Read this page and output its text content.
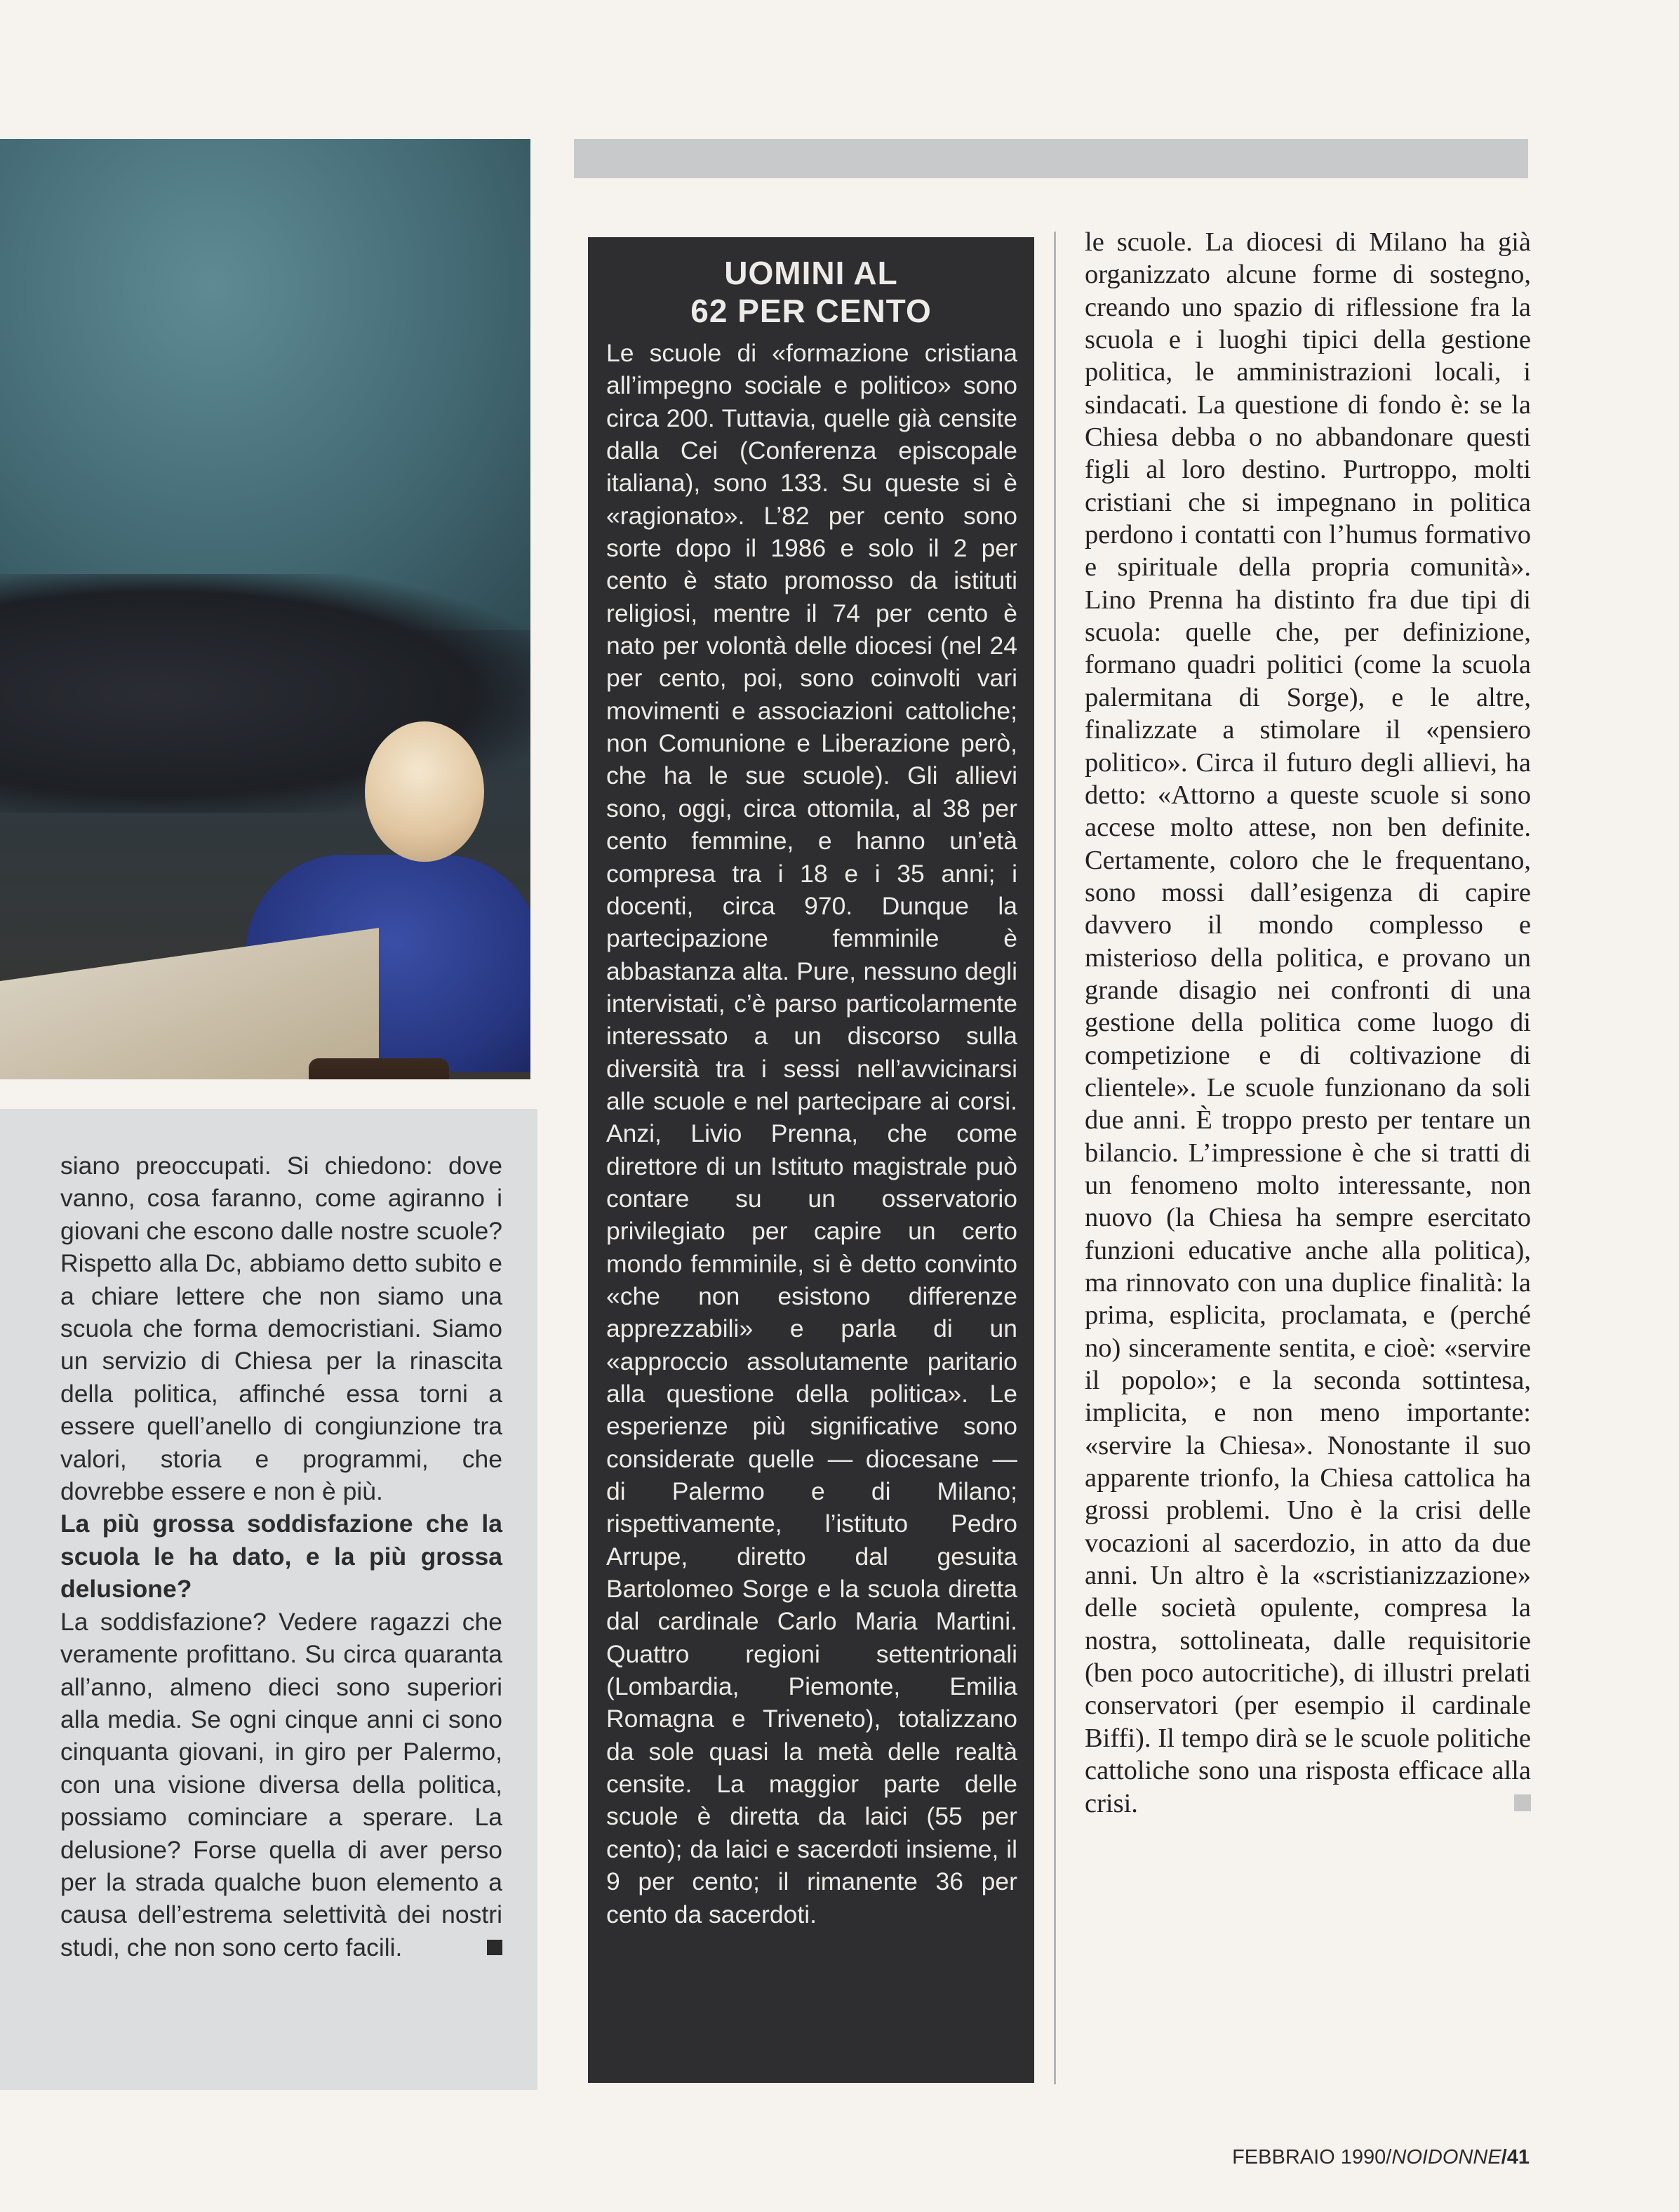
siano preoccupati. Si chiedono: dove vanno, cosa faranno, come agiranno i giovani che escono dalle nostre scuole? Rispetto alla Dc, abbiamo detto subito e a chiare lettere che non siamo una scuola che forma democristiani. Siamo un servizio di Chiesa per la rinascita della politica, affinché essa torni a essere quell’anello di congiunzione tra valori, storia e programmi, che dovrebbe essere e non è più.

La più grossa soddisfazione che la scuola le ha dato, e la più grossa delusione?

La soddisfazione? Vedere ragazzi che veramente profittano. Su circa quaranta all’anno, almeno dieci sono superiori alla media. Se ogni cinque anni ci sono cinquanta giovani, in giro per Palermo, con una visione diversa della politica, possiamo cominciare a sperare. La delusione? Forse quella di aver perso per la strada qualche buon elemento a causa dell’estrema selettività dei nostri studi, che non sono certo facili.

UOMINI AL
62 PER CENTO
Le scuole di «formazione cristiana all’impegno sociale e politico» sono circa 200. Tuttavia, quelle già censite dalla Cei (Conferenza episcopale italiana), sono 133. Su queste si è «ragionato». L’82 per cento sono sorte dopo il 1986 e solo il 2 per cento è stato promosso da istituti religiosi, mentre il 74 per cento è nato per volontà delle diocesi (nel 24 per cento, poi, sono coinvolti vari movimenti e associazioni cattoliche; non Comunione e Liberazione però, che ha le sue scuole). Gli allievi sono, oggi, circa ottomila, al 38 per cento femmine, e hanno un’età compresa tra i 18 e i 35 anni; i docenti, circa 970. Dunque la partecipazione femminile è abbastanza alta. Pure, nessuno degli intervistati, c’è parso particolarmente interessato a un discorso sulla diversità tra i sessi nell’avvicinarsi alle scuole e nel partecipare ai corsi. Anzi, Livio Prenna, che come direttore di un Istituto magistrale può contare su un osservatorio privilegiato per capire un certo mondo femminile, si è detto convinto «che non esistono differenze apprezzabili» e parla di un «approccio assolutamente paritario alla questione della politica». Le esperienze più significative sono considerate quelle — diocesane — di Palermo e di Milano; rispettivamente, l’istituto Pedro Arrupe, diretto dal gesuita Bartolomeo Sorge e la scuola diretta dal cardinale Carlo Maria Martini. Quattro regioni settentrionali (Lombardia, Piemonte, Emilia Romagna e Triveneto), totalizzano da sole quasi la metà delle realtà censite. La maggior parte delle scuole è diretta da laici (55 per cento); da laici e sacerdoti insieme, il 9 per cento; il rimanente 36 per cento da sacerdoti.
le scuole. La diocesi di Milano ha già organizzato alcune forme di sostegno, creando uno spazio di riflessione fra la scuola e i luoghi tipici della gestione politica, le amministrazioni locali, i sindacati. La questione di fondo è: se la Chiesa debba o no abbandonare questi figli al loro destino. Purtroppo, molti cristiani che si impegnano in politica perdono i contatti con l’humus formativo e spirituale della propria comunità». Lino Prenna ha distinto fra due tipi di scuola: quelle che, per definizione, formano quadri politici (come la scuola palermitana di Sorge), e le altre, finalizzate a stimolare il «pensiero politico». Circa il futuro degli allievi, ha detto: «Attorno a queste scuole si sono accese molto attese, non ben definite. Certamente, coloro che le frequentano, sono mossi dall’esigenza di capire davvero il mondo complesso e misterioso della politica, e provano un grande disagio nei confronti di una gestione della politica come luogo di competizione e di coltivazione di clientele». Le scuole funzionano da soli due anni. È troppo presto per tentare un bilancio. L’impressione è che si tratti di un fenomeno molto interessante, non nuovo (la Chiesa ha sempre esercitato funzioni educative anche alla politica), ma rinnovato con una duplice finalità: la prima, esplicita, proclamata, e (perché no) sinceramente sentita, e cioè: «servire il popolo»; e la seconda sottintesa, implicita, e non meno importante: «servire la Chiesa». Nonostante il suo apparente trionfo, la Chiesa cattolica ha grossi problemi. Uno è la crisi delle vocazioni al sacerdozio, in atto da due anni. Un altro è la «scristianizzazione» delle società opulente, compresa la nostra, sottolineata, dalle requisitorie (ben poco autocritiche), di illustri prelati conservatori (per esempio il cardinale Biffi). Il tempo dirà se le scuole politiche cattoliche sono una risposta efficace alla crisi.
FEBBRAIO 1990/NOIDONNE/41
